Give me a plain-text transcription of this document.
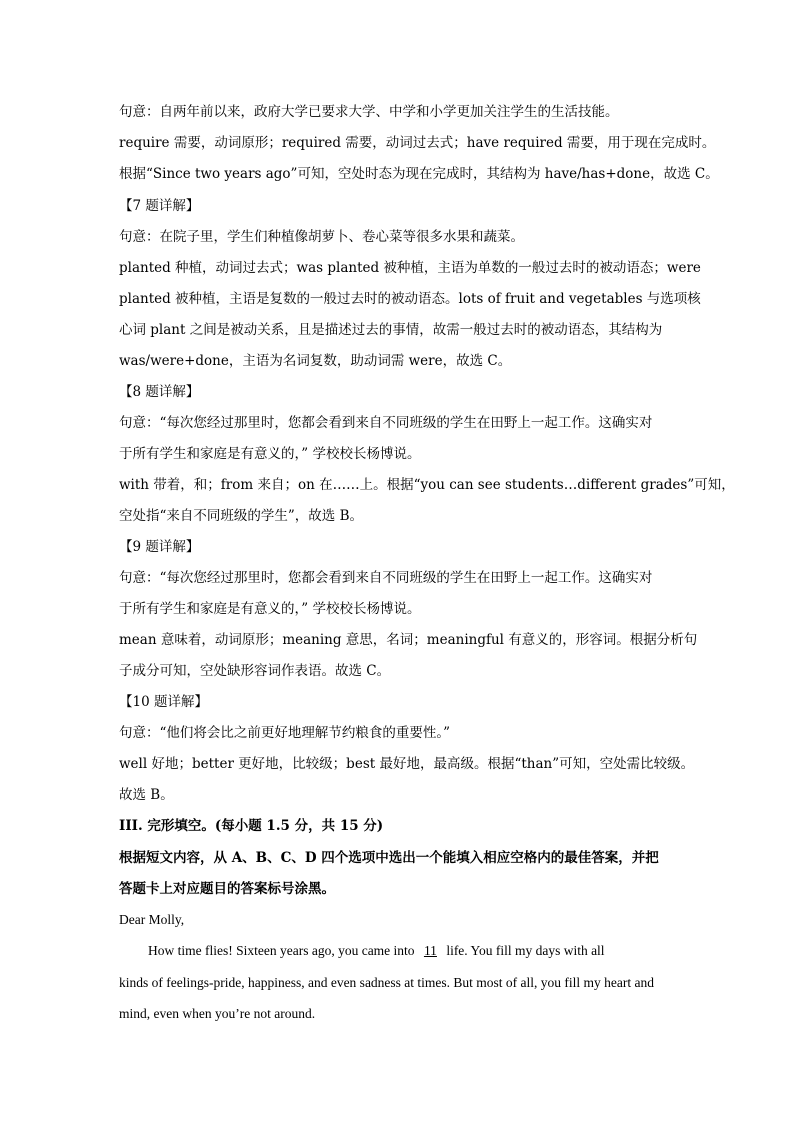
句意：自两年前以来，政府大学已要求大学、中学和小学更加关注学生的生活技能。
require 需要，动词原形；required 需要，动词过去式；have required 需要，用于现在完成时。
根据“Since two years ago”可知，空处时态为现在完成时，其结构为 have/has+done，故选 C。
【7 题详解】
句意：在院子里，学生们种植像胡萝卜、卷心菜等很多水果和蔬菜。
planted 种植，动词过去式；was planted 被种植，主语为单数的一般过去时的被动语态；were
planted 被种植，主语是复数的一般过去时的被动语态。lots of fruit and vegetables 与选项核
心词 plant 之间是被动关系，且是描述过去的事情，故需一般过去时的被动语态，其结构为
was/were+done，主语为名词复数，助动词需 were，故选 C。
【8 题详解】
句意：“每次您经过那里时，您都会看到来自不同班级的学生在田野上一起工作。这确实对
于所有学生和家庭是有意义的，” 学校校长杨博说。
with 带着，和；from 来自；on 在……上。根据“you can see students…different grades”可知，
空处指“来自不同班级的学生”，故选 B。
【9 题详解】
句意：“每次您经过那里时，您都会看到来自不同班级的学生在田野上一起工作。这确实对
于所有学生和家庭是有意义的，” 学校校长杨博说。
mean 意味着，动词原形；meaning 意思，名词；meaningful 有意义的，形容词。根据分析句
子成分可知，空处缺形容词作表语。故选 C。
【10 题详解】
句意：“他们将会比之前更好地理解节约粮食的重要性。”
well 好地；better 更好地，比较级；best 最好地，最高级。根据“than”可知，空处需比较级。
故选 B。
III. 完形填空。(每小题 1.5 分，共 15 分)
根据短文内容，从 A、B、C、D 四个选项中选出一个能填入相应空格内的最佳答案，并把
答题卡上对应题目的答案标号涂黑。
Dear Molly,
How time flies! Sixteen years ago, you came into 11 life. You fill my days with all
kinds of feelings-pride, happiness, and even sadness at times. But most of all, you fill my heart and
mind, even when you’re not around.
